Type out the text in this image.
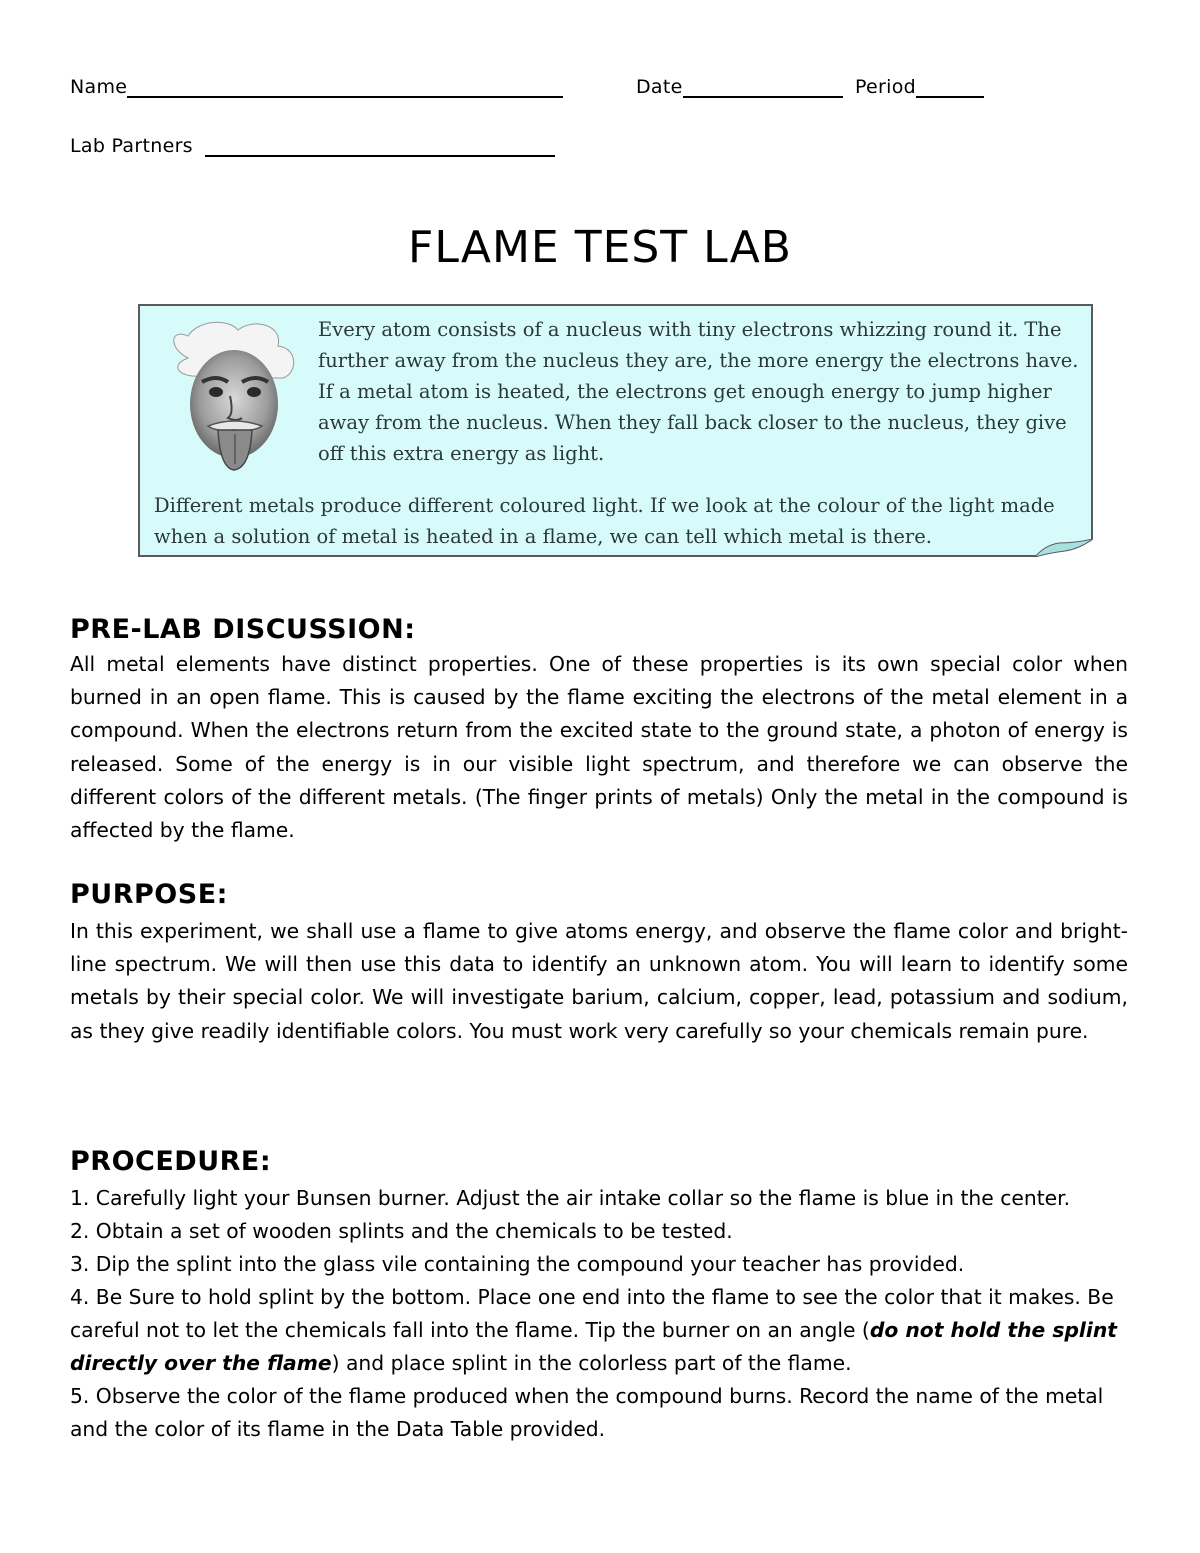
Name	Date	Period
Lab Partners
FLAME TEST LAB
Every atom consists of a nucleus with tiny electrons whizzing round it. The further away from the nucleus they are, the more energy the electrons have. If a metal atom is heated, the electrons get enough energy to jump higher away from the nucleus. When they fall back closer to the nucleus, they give off this extra energy as light.
Different metals produce different coloured light. If we look at the colour of the light made when a solution of metal is heated in a flame, we can tell which metal is there.
PRE-LAB DISCUSSION:
All metal elements have distinct properties. One of these properties is its own special color when burned in an open flame. This is caused by the flame exciting the electrons of the metal element in a compound. When the electrons return from the excited state to the ground state, a photon of energy is released. Some of the energy is in our visible light spectrum, and therefore we can observe the different colors of the different metals. (The finger prints of metals) Only the metal in the compound is affected by the flame.
PURPOSE:
In this experiment, we shall use a flame to give atoms energy, and observe the flame color and bright-line spectrum. We will then use this data to identify an unknown atom. You will learn to identify some metals by their special color. We will investigate barium, calcium, copper, lead, potassium and sodium, as they give readily identifiable colors. You must work very carefully so your chemicals remain pure.
PROCEDURE:
1. Carefully light your Bunsen burner. Adjust the air intake collar so the flame is blue in the center.
2. Obtain a set of wooden splints and the chemicals to be tested.
3. Dip the splint into the glass vile containing the compound your teacher has provided.
4. Be Sure to hold splint by the bottom. Place one end into the flame to see the color that it makes. Be careful not to let the chemicals fall into the flame. Tip the burner on an angle (do not hold the splint directly over the flame) and place splint in the colorless part of the flame.
5. Observe the color of the flame produced when the compound burns. Record the name of the metal and the color of its flame in the Data Table provided.
